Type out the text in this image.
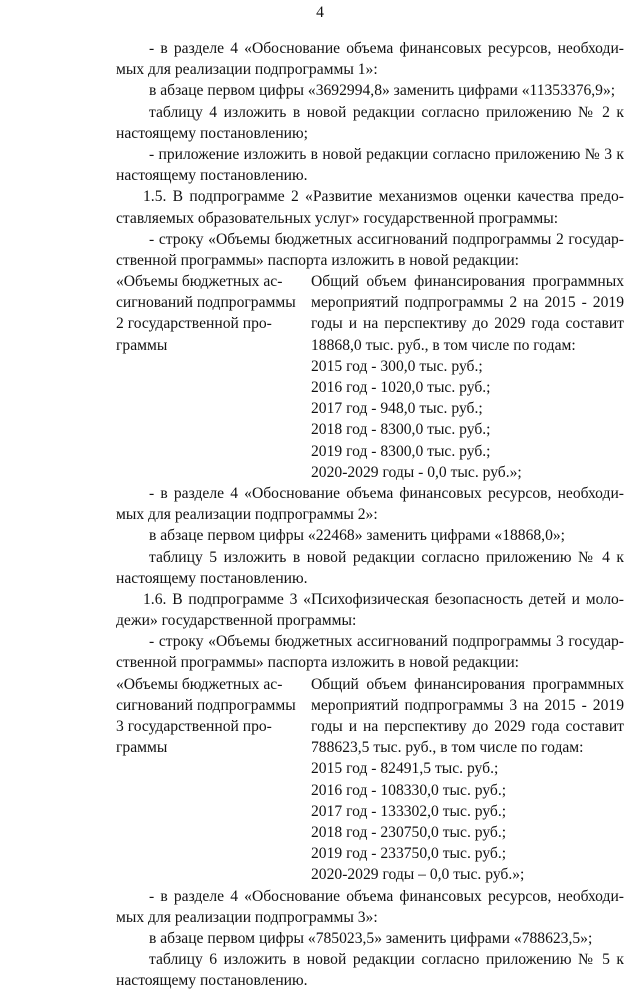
4
- в разделе 4 «Обоснование объема финансовых ресурсов, необходи-
мых для реализации подпрограммы 1»:
в абзаце первом цифры «3692994,8» заменить цифрами «11353376,9»;
таблицу 4 изложить в новой редакции согласно приложению № 2 к
настоящему постановлению;
- приложение изложить в новой редакции согласно приложению № 3 к
настоящему постановлению.
1.5. В подпрограмме 2 «Развитие механизмов оценки качества предо-
ставляемых образовательных услуг» государственной программы:
- строку «Объемы бюджетных ассигнований подпрограммы 2 государ-
ственной программы» паспорта изложить в новой редакции:
«Объемы бюджетных ас-
сигнований подпрограммы
2 государственной про-
граммы
Общий объем финансирования программных
мероприятий подпрограммы 2 на 2015 - 2019
годы и на перспективу до 2029 года составит
18868,0 тыс. руб., в том числе по годам:
2015 год - 300,0 тыс. руб.;
2016 год - 1020,0 тыс. руб.;
2017 год - 948,0 тыс. руб.;
2018 год - 8300,0 тыс. руб.;
2019 год - 8300,0 тыс. руб.;
2020-2029 годы - 0,0 тыс. руб.»;
- в разделе 4 «Обоснование объема финансовых ресурсов, необходи-
мых для реализации подпрограммы 2»:
в абзаце первом цифры «22468» заменить цифрами «18868,0»;
таблицу 5 изложить в новой редакции согласно приложению № 4 к
настоящему постановлению.
1.6. В подпрограмме 3 «Психофизическая безопасность детей и моло-
дежи» государственной программы:
- строку «Объемы бюджетных ассигнований подпрограммы 3 государ-
ственной программы» паспорта изложить в новой редакции:
«Объемы бюджетных ас-
сигнований подпрограммы
3 государственной про-
граммы
Общий объем финансирования программных
мероприятий подпрограммы 3 на 2015 - 2019
годы и на перспективу до 2029 года составит
788623,5 тыс. руб., в том числе по годам:
2015 год - 82491,5 тыс. руб.;
2016 год - 108330,0 тыс. руб.;
2017 год - 133302,0 тыс. руб.;
2018 год - 230750,0 тыс. руб.;
2019 год - 233750,0 тыс. руб.;
2020-2029 годы – 0,0 тыс. руб.»;
- в разделе 4 «Обоснование объема финансовых ресурсов, необходи-
мых для реализации подпрограммы 3»:
в абзаце первом цифры «785023,5» заменить цифрами «788623,5»;
таблицу 6 изложить в новой редакции согласно приложению № 5 к
настоящему постановлению.
